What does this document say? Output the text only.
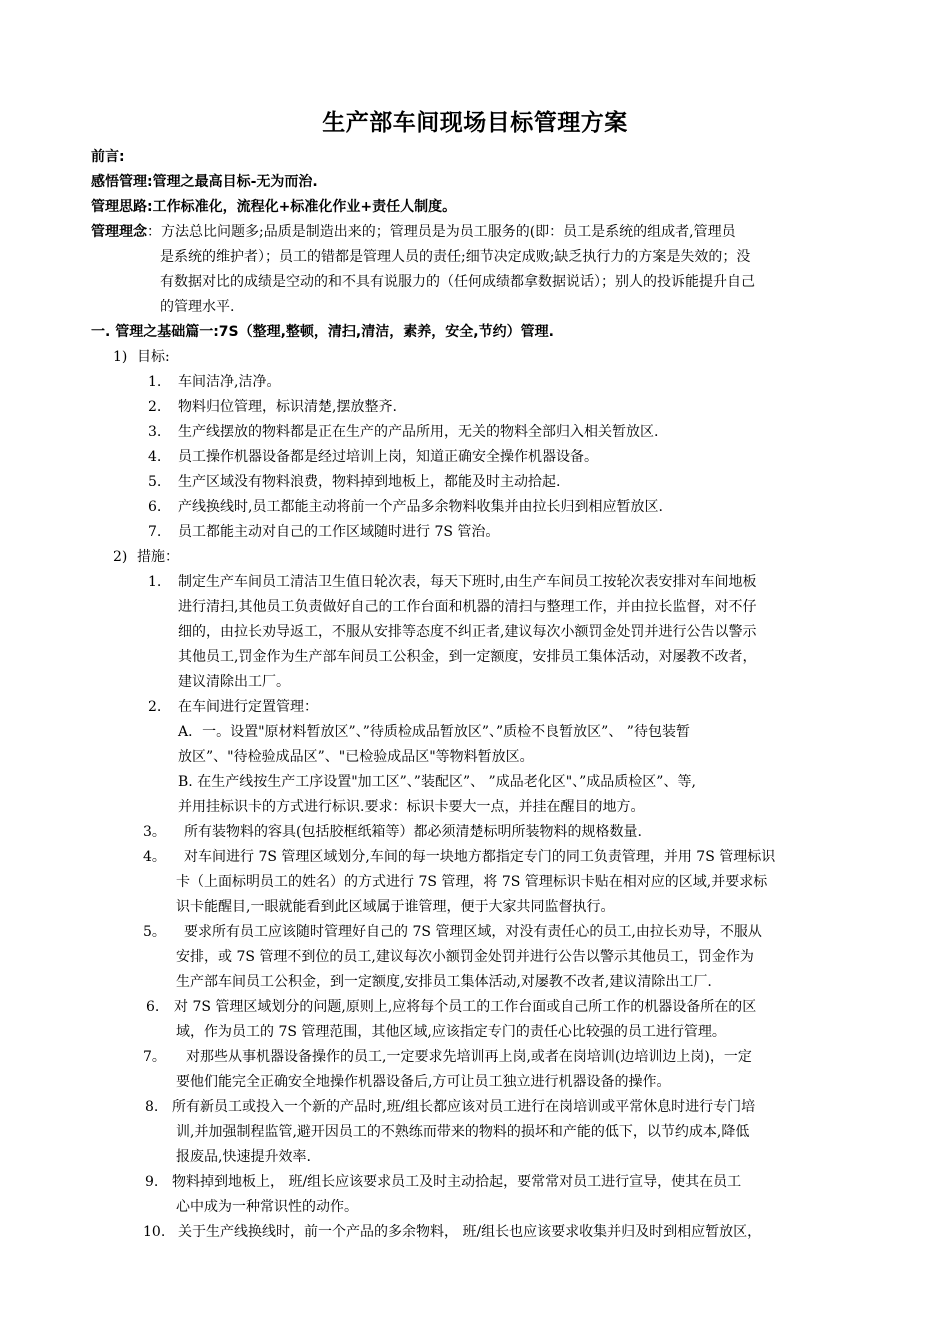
生产部车间现场目标管理方案
前言:
感悟管理:管理之最高目标-无为而治.
管理思路:工作标准化，流程化+标准化作业+责任人制度。
管理理念：方法总比问题多;品质是制造出来的；管理员是为员工服务的(即：员工是系统的组成者,管理员
是系统的维护者）；员工的错都是管理人员的责任;细节决定成败;缺乏执行力的方案是失效的；没
有数据对比的成绩是空动的和不具有说服力的（任何成绩都拿数据说话）；别人的投诉能提升自己
的管理水平.
一. 管理之基础篇一:7S（整理,整顿，清扫,清洁，素养，安全,节约）管理.
1) 目标:
1. 车间洁净,洁净。
2. 物料归位管理，标识清楚,摆放整齐.
3. 生产线摆放的物料都是正在生产的产品所用，无关的物料全部归入相关暂放区.
4. 员工操作机器设备都是经过培训上岗，知道正确安全操作机器设备。
5. 生产区域没有物料浪费，物料掉到地板上，都能及时主动拾起.
6. 产线换线时,员工都能主动将前一个产品多余物料收集并由拉长归到相应暂放区.
7. 员工都能主动对自己的工作区域随时进行 7S 管治。
2) 措施：
1. 制定生产车间员工清洁卫生值日轮次表，每天下班时,由生产车间员工按轮次表安排对车间地板
进行清扫,其他员工负责做好自己的工作台面和机器的清扫与整理工作，并由拉长监督，对不仔
细的，由拉长劝导返工，不服从安排等态度不纠正者,建议每次小额罚金处罚并进行公告以警示
其他员工,罚金作为生产部车间员工公积金，到一定额度，安排员工集体活动，对屡教不改者，
建议清除出工厂。
2. 在车间进行定置管理：
A．一。设置"原材料暂放区”、”待质检成品暂放区”、”质检不良暂放区”、 ”待包装暂
放区”、"待检验成品区”、"已检验成品区"等物料暂放区。
B. 在生产线按生产工序设置"加工区”、”装配区”、 ”成品老化区"、”成品质检区”、等,
并用挂标识卡的方式进行标识.要求：标识卡要大一点，并挂在醒目的地方。
3。 所有装物料的容具(包括胶框纸箱等）都必须清楚标明所装物料的规格数量.
4。 对车间进行 7S 管理区域划分,车间的每一块地方都指定专门的同工负责管理，并用 7S 管理标识
卡（上面标明员工的姓名）的方式进行 7S 管理，将 7S 管理标识卡贴在相对应的区域,并要求标
识卡能醒目,一眼就能看到此区域属于谁管理，便于大家共同监督执行。
5。 要求所有员工应该随时管理好自己的 7S 管理区域，对没有责任心的员工,由拉长劝导，不服从
安排，或 7S 管理不到位的员工,建议每次小额罚金处罚并进行公告以警示其他员工，罚金作为
生产部车间员工公积金，到一定额度,安排员工集体活动,对屡教不改者,建议清除出工厂.
6. 对 7S 管理区域划分的问题,原则上,应将每个员工的工作台面或自己所工作的机器设备所在的区
域，作为员工的 7S 管理范围，其他区域,应该指定专门的责任心比较强的员工进行管理。
7。 对那些从事机器设备操作的员工,一定要求先培训再上岗,或者在岗培训(边培训边上岗)，一定
要他们能完全正确安全地操作机器设备后,方可让员工独立进行机器设备的操作。
8. 所有新员工或投入一个新的产品时,班/组长都应该对员工进行在岗培训或平常休息时进行专门培
训,并加强制程监管,避开因员工的不熟练而带来的物料的损坏和产能的低下，以节约成本,降低
报废品,快速提升效率.
9. 物料掉到地板上， 班/组长应该要求员工及时主动拾起，要常常对员工进行宣导，使其在员工
心中成为一种常识性的动作。
10. 关于生产线换线时，前一个产品的多余物料， 班/组长也应该要求收集并归及时到相应暂放区，
